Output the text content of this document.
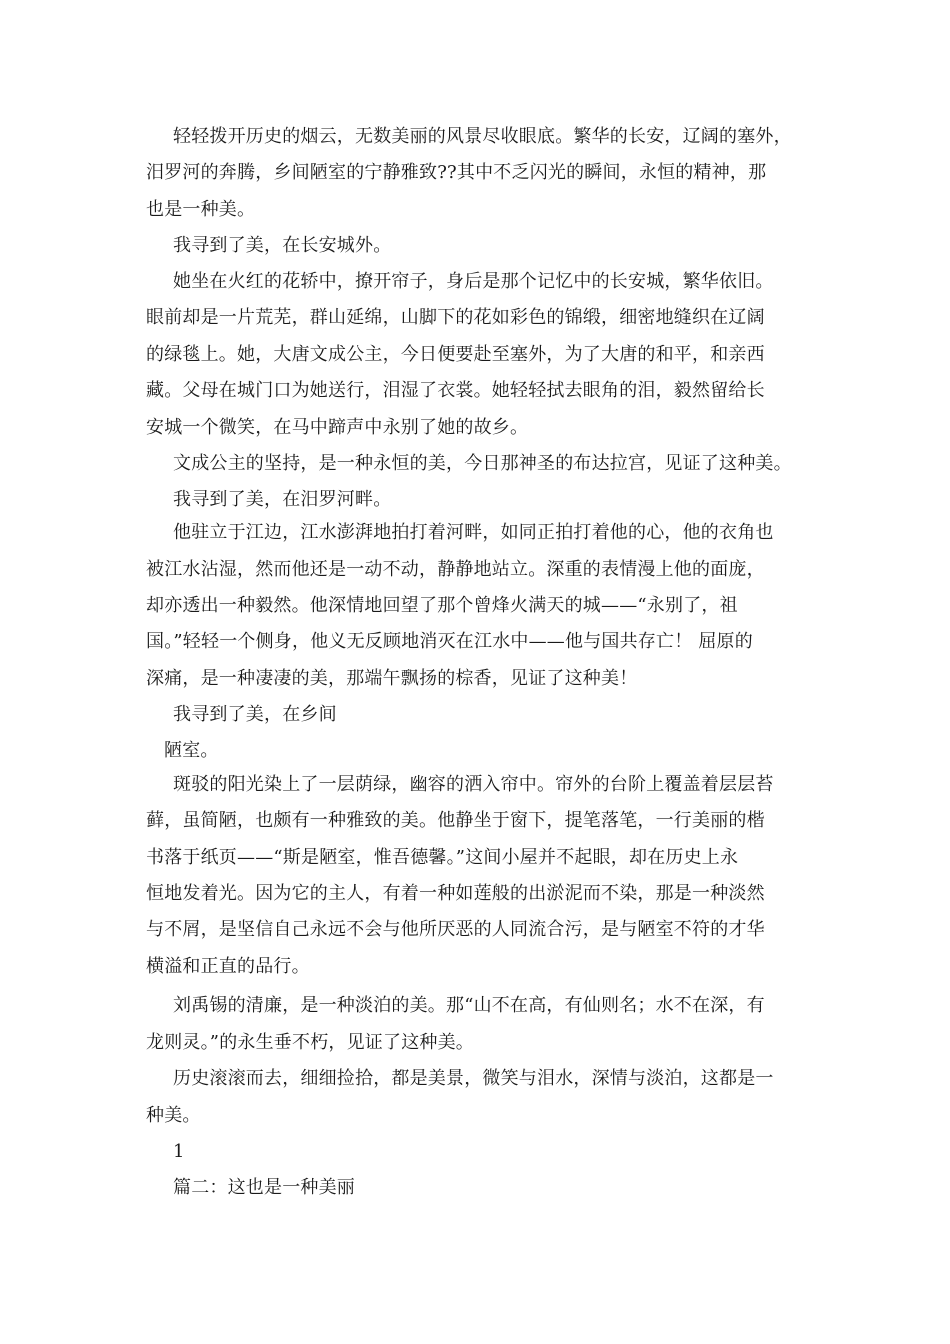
轻轻拨开历史的烟云，无数美丽的风景尽收眼底。繁华的长安，辽阔的塞外，

汨罗河的奔腾，乡间陋室的宁静雅致??其中不乏闪光的瞬间，永恒的精神，那

也是一种美。

我寻到了美，在长安城外。

她坐在火红的花轿中，撩开帘子，身后是那个记忆中的长安城，繁华依旧。

眼前却是一片荒芜，群山延绵，山脚下的花如彩色的锦缎，细密地缝织在辽阔

的绿毯上。她，大唐文成公主，今日便要赴至塞外，为了大唐的和平，和亲西

藏。父母在城门口为她送行，泪湿了衣裳。她轻轻拭去眼角的泪，毅然留给长

安城一个微笑，在马中蹄声中永别了她的故乡。

文成公主的坚持，是一种永恒的美，今日那神圣的布达拉宫，见证了这种美。

我寻到了美，在汨罗河畔。

他驻立于江边，江水澎湃地拍打着河畔，如同正拍打着他的心，他的衣角也

被江水沾湿，然而他还是一动不动，静静地站立。深重的表情漫上他的面庞，

却亦透出一种毅然。他深情地回望了那个曾烽火满天的城——“永别了，祖

国。”轻轻一个侧身，他义无反顾地消灭在江水中——他与国共存亡！ 屈原的

深痛，是一种凄凄的美，那端午飘扬的棕香，见证了这种美！

我寻到了美，在乡间

陋室。

斑驳的阳光染上了一层荫绿，幽容的洒入帘中。帘外的台阶上覆盖着层层苔

藓，虽简陋，也颇有一种雅致的美。他静坐于窗下，提笔落笔，一行美丽的楷

书落于纸页——“斯是陋室，惟吾德馨。”这间小屋并不起眼，却在历史上永

恒地发着光。因为它的主人，有着一种如莲般的出淤泥而不染，那是一种淡然

与不屑，是坚信自己永远不会与他所厌恶的人同流合污，是与陋室不符的才华

横溢和正直的品行。

刘禹锡的清廉，是一种淡泊的美。那“山不在高，有仙则名；水不在深，有

龙则灵。”的永生垂不朽，见证了这种美。

历史滚滚而去，细细捡拾，都是美景，微笑与泪水，深情与淡泊，这都是一

种美。

1

篇二：这也是一种美丽
